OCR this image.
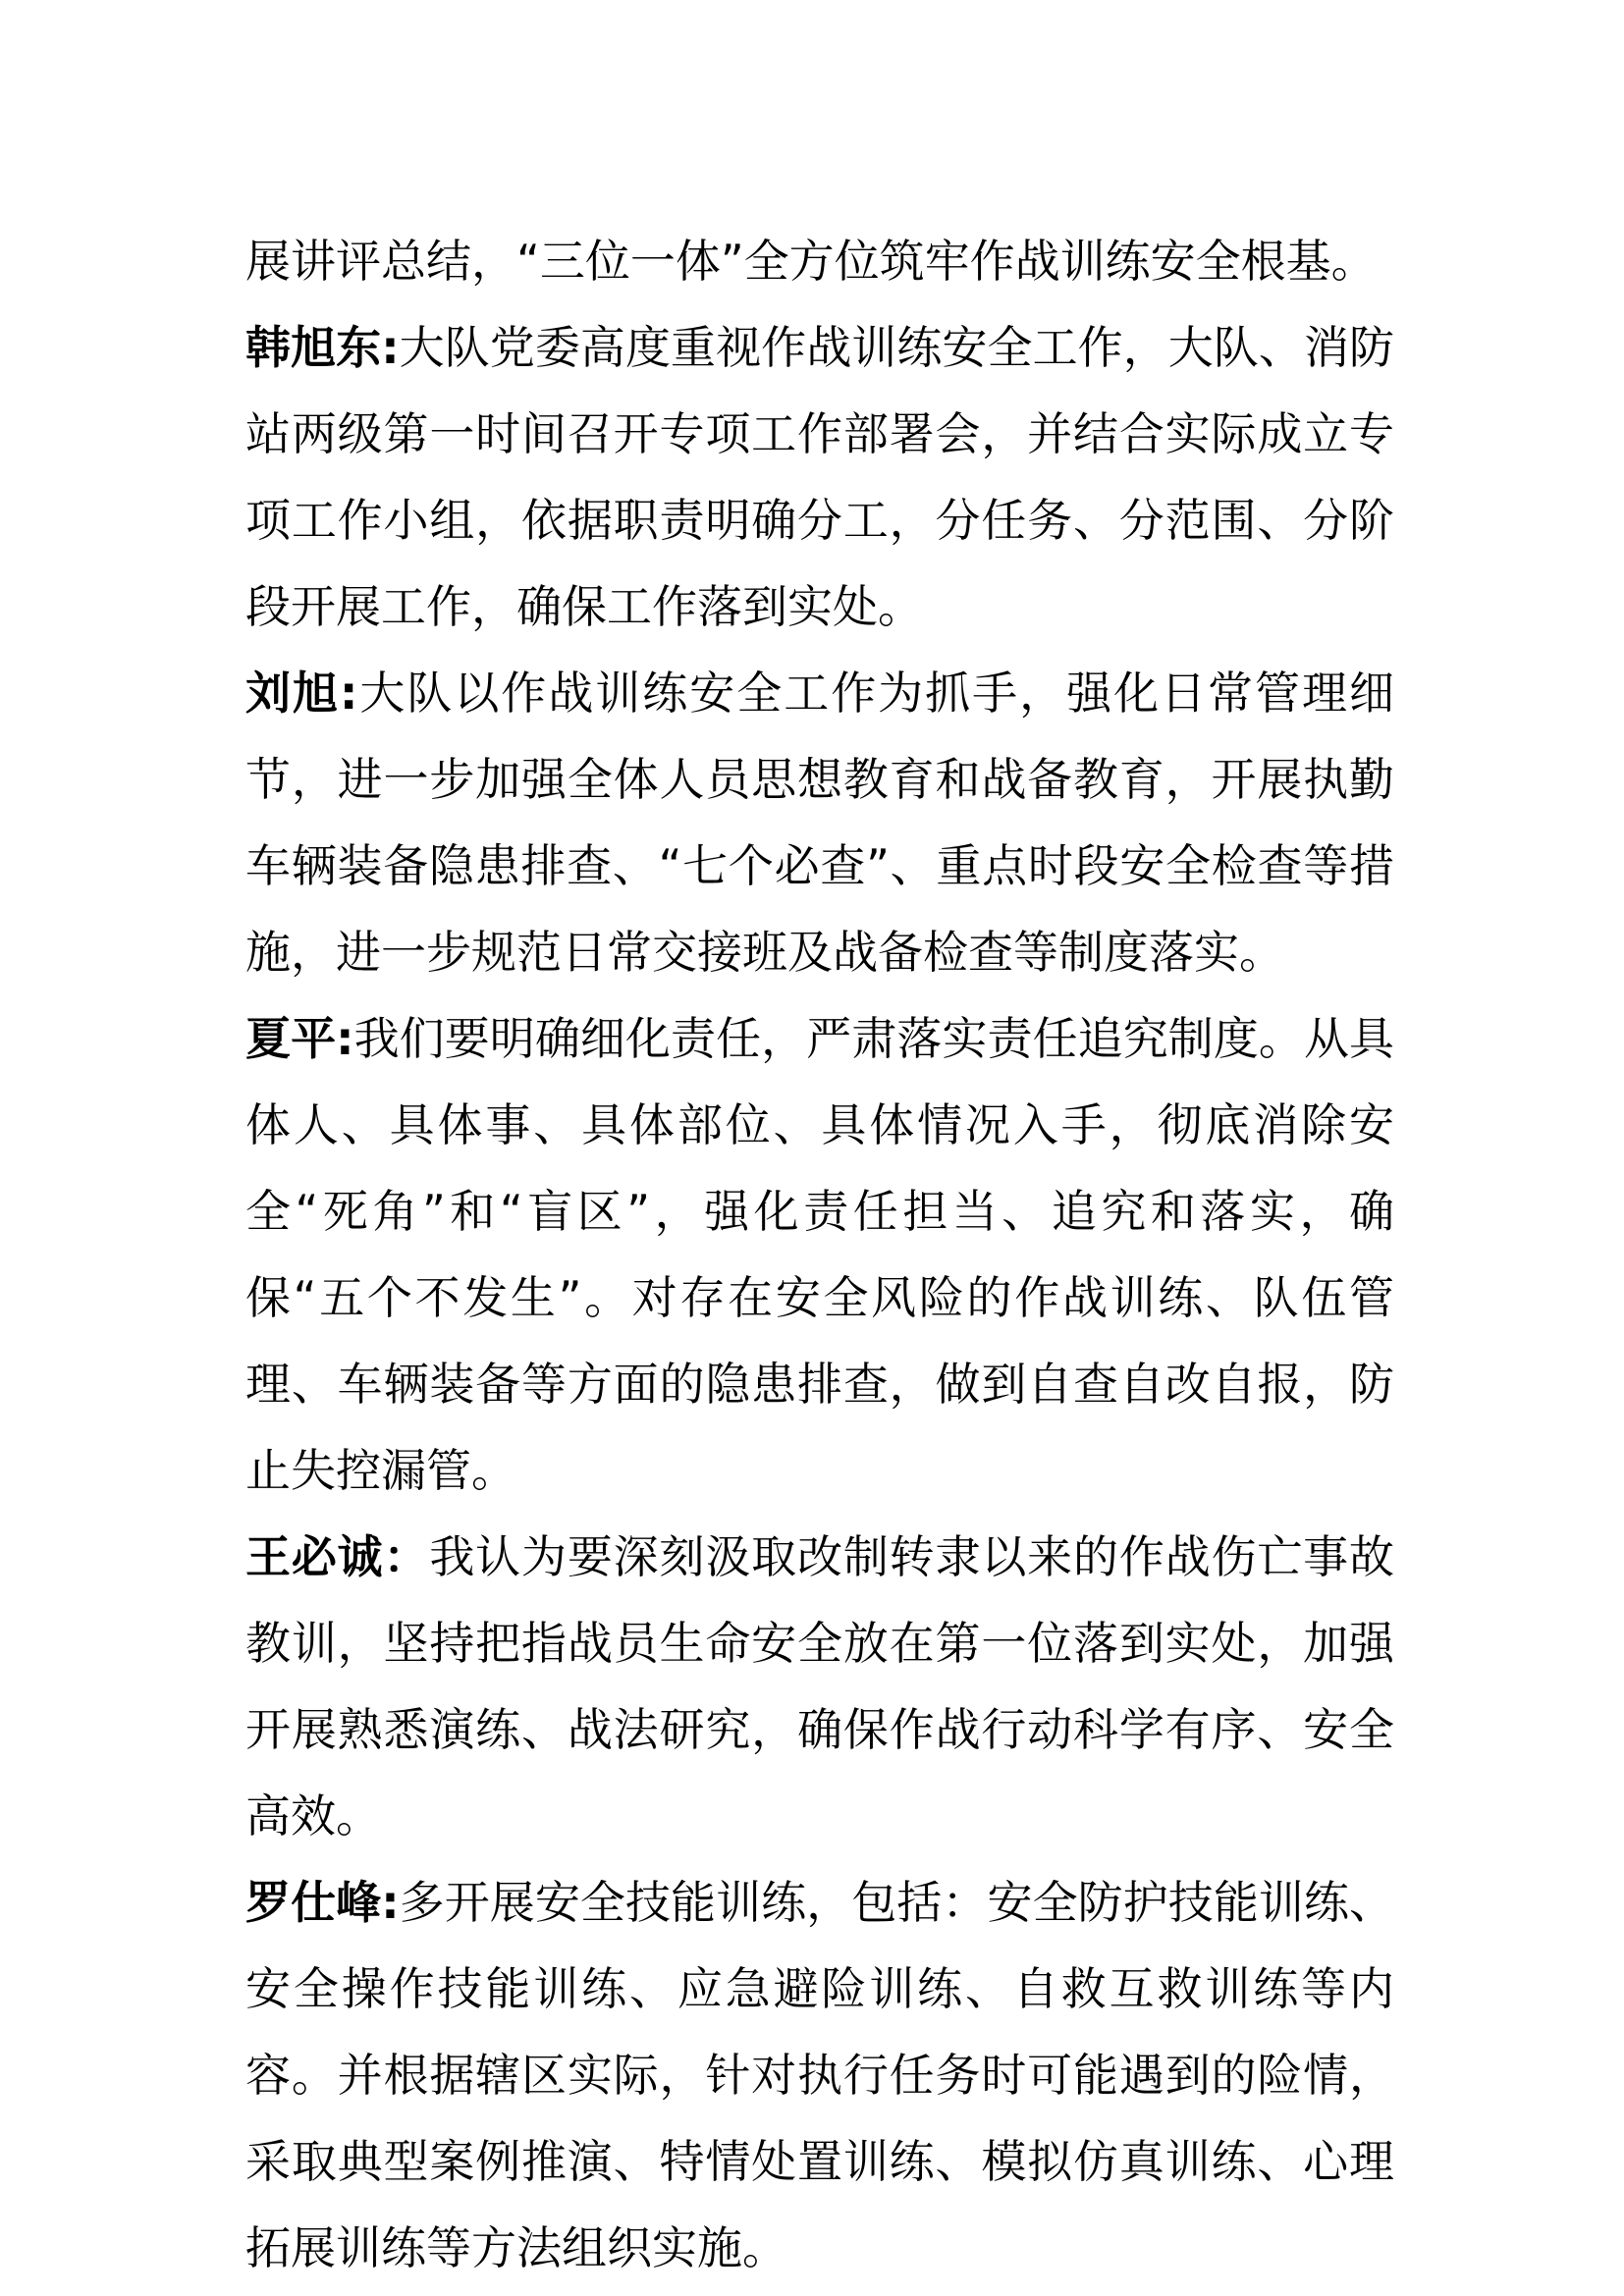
展讲评总结，“三位一体”全方位筑牢作战训练安全根基。

韩旭东:大队党委高度重视作战训练安全工作，大队、消防站两级第一时间召开专项工作部署会，并结合实际成立专项工作小组，依据职责明确分工，分任务、分范围、分阶段开展工作，确保工作落到实处。

刘旭:大队以作战训练安全工作为抓手，强化日常管理细节，进一步加强全体人员思想教育和战备教育，开展执勤车辆装备隐患排查、“七个必查”、重点时段安全检查等措施，进一步规范日常交接班及战备检查等制度落实。

夏平:我们要明确细化责任，严肃落实责任追究制度。从具体人、具体事、具体部位、具体情况入手，彻底消除安全“死角”和“盲区”，强化责任担当、追究和落实，确保“五个不发生”。对存在安全风险的作战训练、队伍管理、车辆装备等方面的隐患排查，做到自查自改自报，防止失控漏管。

王必诚：我认为要深刻汲取改制转隶以来的作战伤亡事故教训，坚持把指战员生命安全放在第一位落到实处，加强开展熟悉演练、战法研究，确保作战行动科学有序、安全高效。

罗仕峰:多开展安全技能训练，包括：安全防护技能训练、安全操作技能训练、应急避险训练、自救互救训练等内容。并根据辖区实际，针对执行任务时可能遇到的险情，采取典型案例推演、特情处置训练、模拟仿真训练、心理拓展训练等方法组织实施。
